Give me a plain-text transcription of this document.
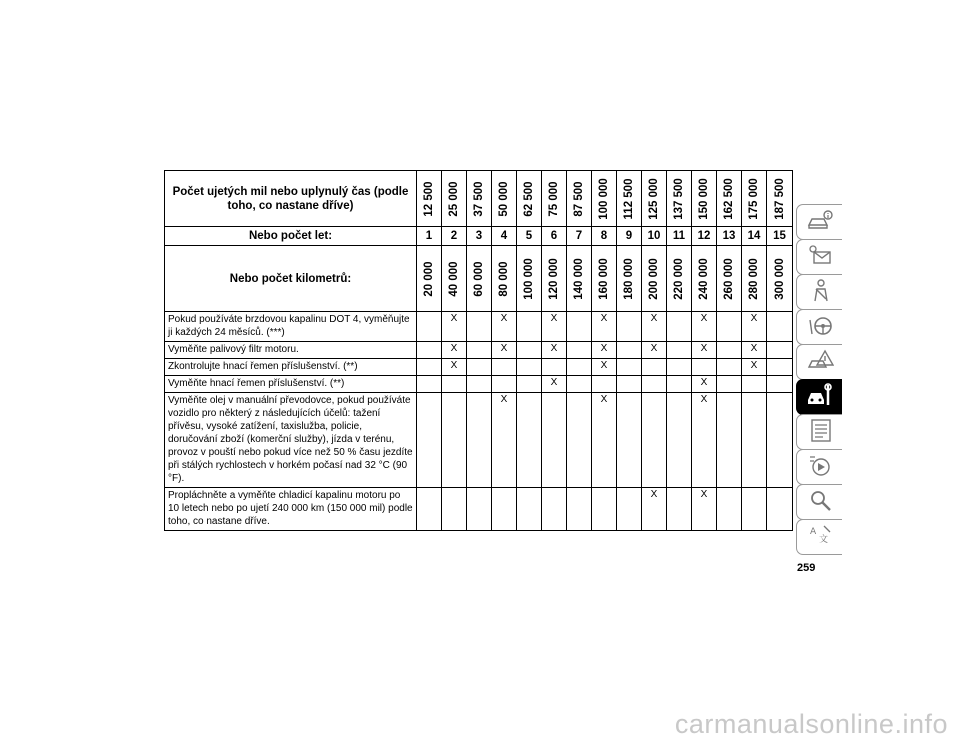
Počet ujetých mil nebo uplynulý čas (podle toho, co nastane dříve)	12 500	25 000	37 500	50 000	62 500	75 000	87 500	100 000	112 500	125 000	137 500	150 000	162 500	175 000	187 500

Nebo počet let:	1	2	3	4	5	6	7	8	9	10	11	12	13	14	15
Nebo počet kilometrů:	20 000	40 000	60 000	80 000	100 000	120 000	140 000	160 000	180 000	200 000	220 000	240 000	260 000	280 000	300 000

Pokud používáte brzdovou kapalinu DOT 4, vyměňujte ji každých 24 měsíců. (***)		X		X		X		X		X		X		X	
Vyměňte palivový filtr motoru.		X		X		X		X		X		X		X	
Zkontrolujte hnací řemen příslušenství. (**)		X						X						X	
Vyměňte hnací řemen příslušenství. (**)						X						X			
Vyměňte olej v manuální převodovce, pokud používáte vozidlo pro některý z následujících účelů: tažení přívěsu, vysoké zatížení, taxislužba, policie, doručování zboží (komerční služby), jízda v terénu, provoz v pouští nebo pokud více než 50 % času jezdíte při stálých rychlostech v horkém počasí nad 32 °C (90 °F).				X				X				X			
Propláchněte a vyměňte chladicí kapalinu motoru po 10 letech nebo po ujetí 240 000 km (150 000 mil) podle toho, co nastane dříve.										X		X			
A
文
259
carmanualsonline.info
